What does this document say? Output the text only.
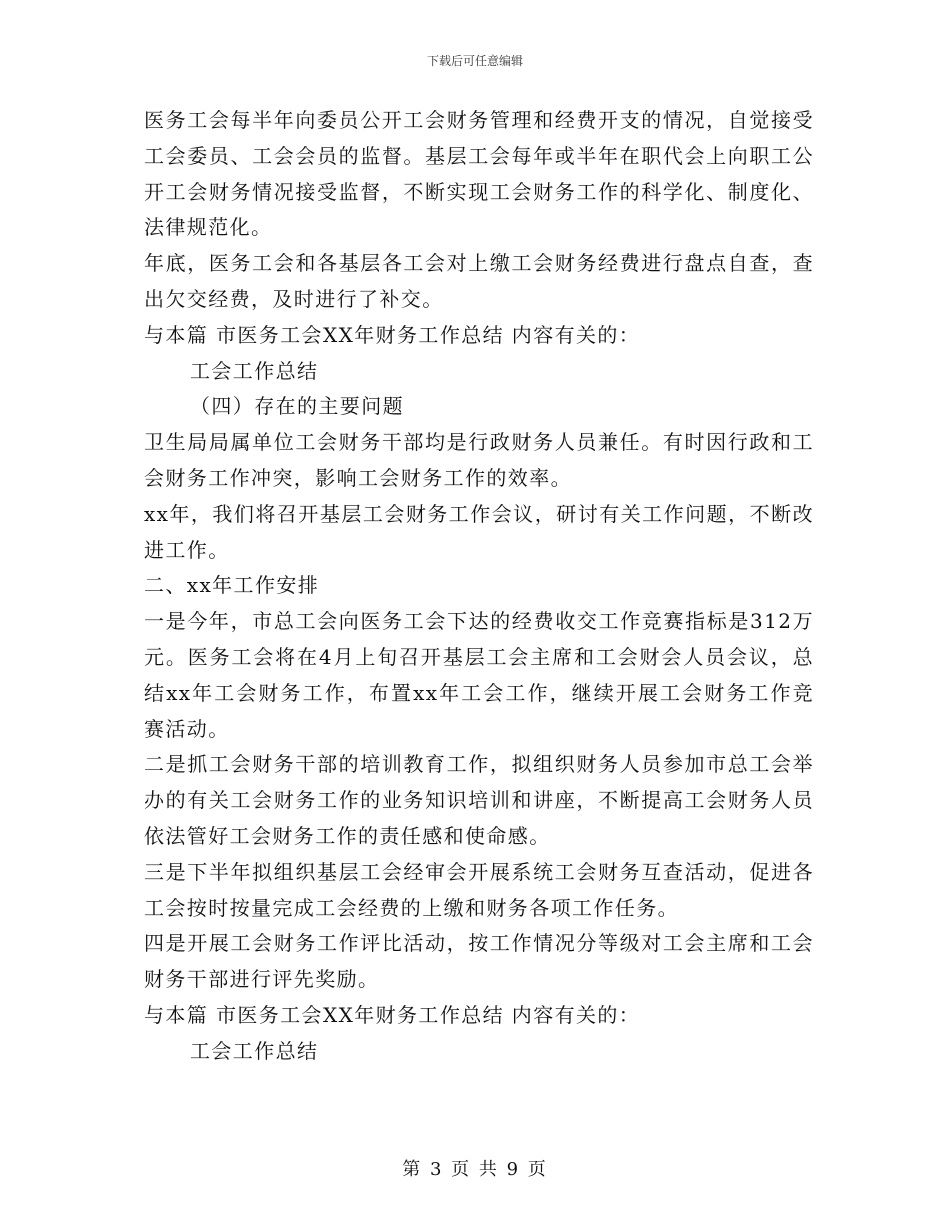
下载后可任意编辑

医务工会每半年向委员公开工会财务管理和经费开支的情况，自觉接受工会委员、工会会员的监督。基层工会每年或半年在职代会上向职工公开工会财务情况接受监督，不断实现工会财务工作的科学化、制度化、法律规范化。

年底，医务工会和各基层各工会对上缴工会财务经费进行盘点自查，查出欠交经费，及时进行了补交。

与本篇 市医务工会XX年财务工作总结 内容有关的：

工会工作总结

（四）存在的主要问题

卫生局局属单位工会财务干部均是行政财务人员兼任。有时因行政和工会财务工作冲突，影响工会财务工作的效率。

xx年，我们将召开基层工会财务工作会议，研讨有关工作问题，不断改进工作。

二、xx年工作安排

一是今年，市总工会向医务工会下达的经费收交工作竞赛指标是312万元。医务工会将在4月上旬召开基层工会主席和工会财会人员会议，总结xx年工会财务工作，布置xx年工会工作，继续开展工会财务工作竞赛活动。

二是抓工会财务干部的培训教育工作，拟组织财务人员参加市总工会举办的有关工会财务工作的业务知识培训和讲座，不断提高工会财务人员依法管好工会财务工作的责任感和使命感。

三是下半年拟组织基层工会经审会开展系统工会财务互查活动，促进各工会按时按量完成工会经费的上缴和财务各项工作任务。

四是开展工会财务工作评比活动，按工作情况分等级对工会主席和工会财务干部进行评先奖励。

与本篇 市医务工会XX年财务工作总结 内容有关的：

工会工作总结

第 3 页 共 9 页
